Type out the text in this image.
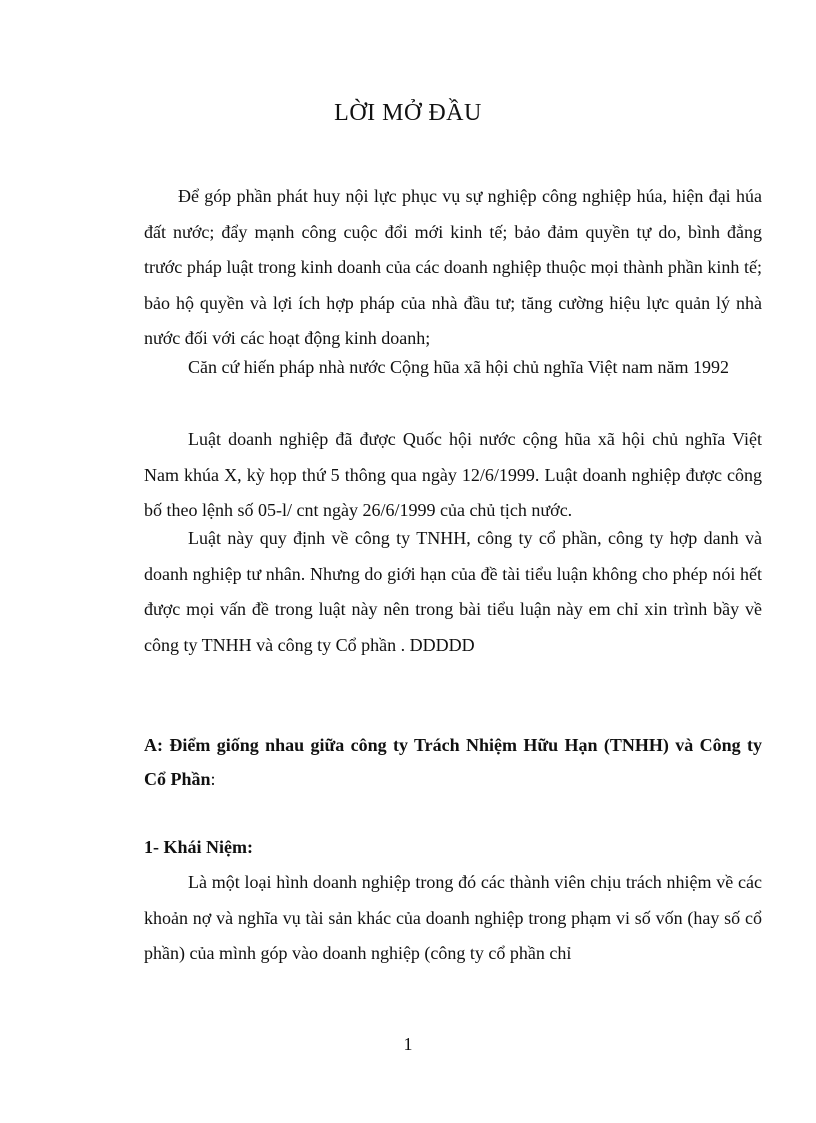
LỜI MỞ ĐẦU
Để góp phần phát huy nội lực phục vụ sự nghiệp công nghiệp húa, hiện đại húa đất nước; đẩy mạnh công cuộc đổi mới kinh tế; bảo đảm quyền tự do, bình đẳng trước pháp luật trong kinh doanh của các doanh nghiệp thuộc mọi thành phần kinh tế; bảo hộ quyền và lợi ích hợp pháp của nhà đầu tư; tăng cường hiệu lực quản lý nhà nước đối với các hoạt động kinh doanh;
Căn cứ hiến pháp nhà nước Cộng hũa xã hội chủ nghĩa Việt nam năm 1992
Luật doanh nghiệp đã được Quốc hội nước cộng hũa xã hội chủ nghĩa Việt Nam khúa X, kỳ họp thứ 5 thông qua ngày 12/6/1999. Luật doanh nghiệp được công bố theo lệnh số 05-l/ cnt ngày 26/6/1999 của chủ tịch nước.
Luật này quy định về công ty TNHH, công ty cổ phần, công ty hợp danh và doanh nghiệp tư nhân. Nhưng do giới hạn của đề tài tiểu luận không cho phép nói hết được mọi vấn đề trong luật này nên trong bài tiểu luận này em chỉ xin trình bầy về công ty TNHH và công ty Cổ phần . DDDDD
A: Điểm giống nhau giữa công ty Trách Nhiệm Hữu Hạn (TNHH) và Công ty Cổ Phần:
1- Khái Niệm:
Là một loại hình doanh nghiệp trong đó các thành viên chịu trách nhiệm về các khoản nợ và nghĩa vụ tài sản khác của doanh nghiệp trong phạm vi số vốn (hay số cổ phần) của mình góp vào doanh nghiệp (công ty cổ phần chỉ
1
